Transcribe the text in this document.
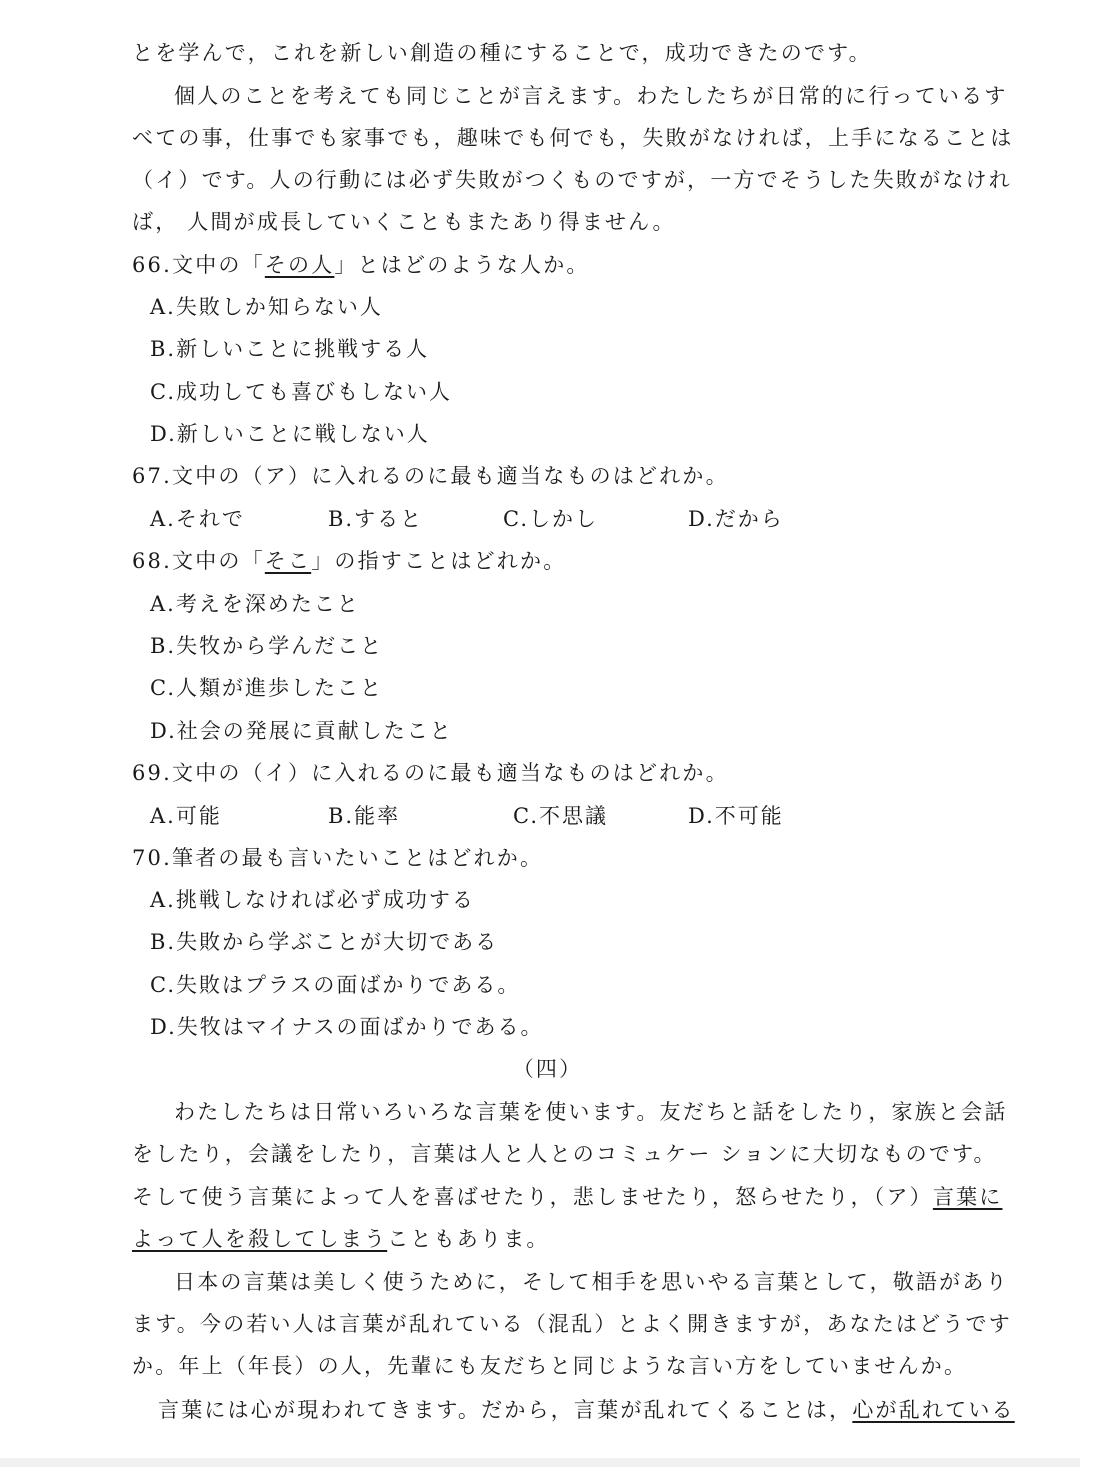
とを学んで，これを新しい創造の種にすることで，成功できたのです。
個人のことを考えても同じことが言えます。わたしたちが日常的に行っているす
べての事，仕事でも家事でも，趣味でも何でも，失敗がなければ，上手になることは
（イ）です。人の行動には必ず失敗がつくものですが，一方でそうした失敗がなけれ
ば， 人間が成長していくこともまたあり得ません。
66.文中の「その人」とはどのような人か。
A.失敗しか知らない人
B.新しいことに挑戦する人
C.成功しても喜びもしない人
D.新しいことに戦しない人
67.文中の（ア）に入れるのに最も適当なものはどれか。
A.それで	B.すると	C.しかし	D.だから
68.文中の「そこ」の指すことはどれか。
A.考えを深めたこと
B.失牧から学んだこと
C.人類が進歩したこと
D.社会の発展に貢献したこと
69.文中の（イ）に入れるのに最も適当なものはどれか。
A.可能	B.能率	C.不思議	D.不可能
70.筆者の最も言いたいことはどれか。
A.挑戦しなければ必ず成功する
B.失敗から学ぶことが大切である
C.失敗はプラスの面ばかりである。
D.失牧はマイナスの面ばかりである。
（四）
わたしたちは日常いろいろな言葉を使います。友だちと話をしたり，家族と会話
をしたり，会議をしたり，言葉は人と人とのコミュケー ションに大切なものです。
そして使う言葉によって人を喜ばせたり，悲しませたり，怒らせたり，（ア）言葉に
よって人を殺してしまうこともありま。
日本の言葉は美しく使うために，そして相手を思いやる言葉として，敬語があり
ます。今の若い人は言葉が乱れている（混乱）とよく開きますが，あなたはどうです
か。年上（年長）の人，先輩にも友だちと同じような言い方をしていませんか。
言葉には心が現われてきます。だから，言葉が乱れてくることは，心が乱れている
